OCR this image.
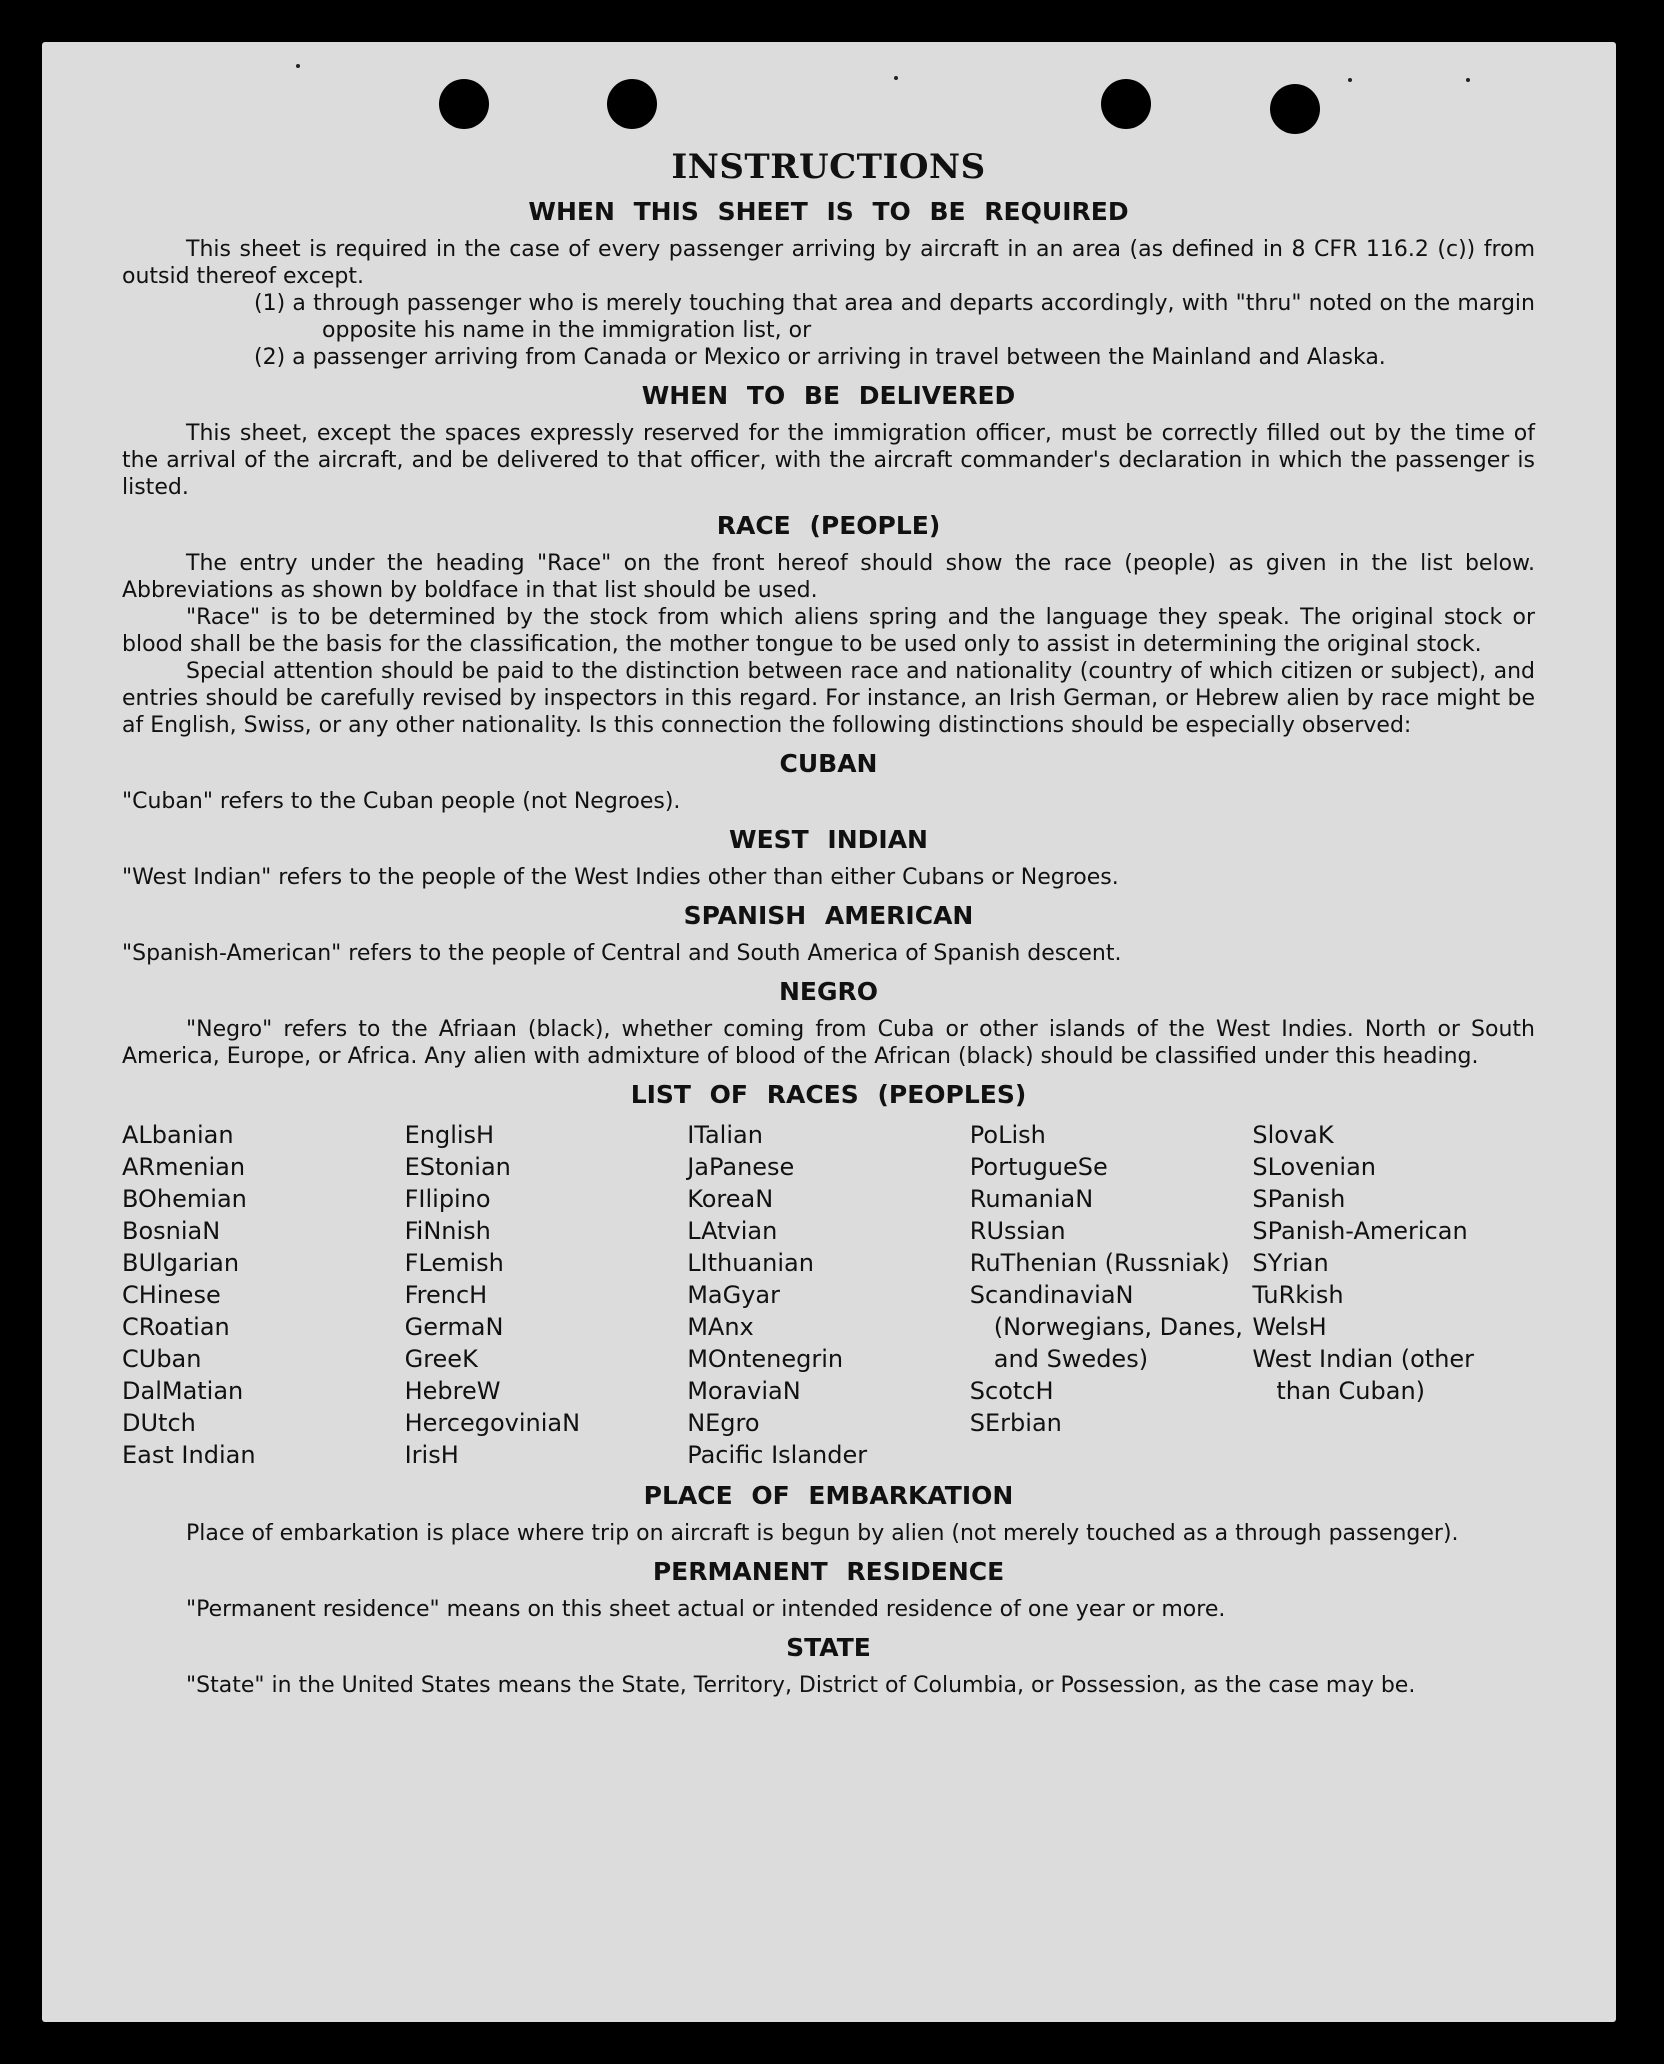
INSTRUCTIONS
WHEN THIS SHEET IS TO BE REQUIRED

This sheet is required in the case of every passenger arriving by aircraft in an area (as defined in 8 CFR 116.2 (c)) from outsid thereof except.

(1) a through passenger who is merely touching that area and departs accordingly, with "thru" noted on the margin opposite his name in the immigration list, or

(2) a passenger arriving from Canada or Mexico or arriving in travel between the Mainland and Alaska.

WHEN TO BE DELIVERED

This sheet, except the spaces expressly reserved for the immigration officer, must be correctly filled out by the time of the arrival of the aircraft, and be delivered to that officer, with the aircraft commander's declaration in which the passenger is listed.

RACE (PEOPLE)

The entry under the heading "Race" on the front hereof should show the race (people) as given in the list below. Abbreviations as shown by boldface in that list should be used.

"Race" is to be determined by the stock from which aliens spring and the language they speak. The original stock or blood shall be the basis for the classification, the mother tongue to be used only to assist in determining the original stock.

Special attention should be paid to the distinction between race and nationality (country of which citizen or subject), and entries should be carefully revised by inspectors in this regard. For instance, an Irish German, or Hebrew alien by race might be af English, Swiss, or any other nationality. Is this connection the following distinctions should be especially observed:

CUBAN

"Cuban" refers to the Cuban people (not Negroes).

WEST INDIAN

"West Indian" refers to the people of the West Indies other than either Cubans or Negroes.

SPANISH AMERICAN

"Spanish-American" refers to the people of Central and South America of Spanish descent.

NEGRO

"Negro" refers to the Afriaan (black), whether coming from Cuba or other islands of the West Indies. North or South America, Europe, or Africa. Any alien with admixture of blood of the African (black) should be classified under this heading.

LIST OF RACES (PEOPLES)
ALbanian
ARmenian
BOhemian
BosniaN
BUlgarian
CHinese
CRoatian
CUban
DalMatian
DUtch
East Indian
EnglisH
EStonian
FIlipino
FiNnish
FLemish
FrencH
GermaN
GreeK
HebreW
HercegoviniaN
IrisH
ITalian
JaPanese
KoreaN
LAtvian
LIthuanian
MaGyar
MAnx
MOntenegrin
MoraviaN
NEgro
Pacific Islander
PoLish
PortugueSe
RumaniaN
RUssian
RuThenian (Russniak)
ScandinaviaN (Norwegians, Danes, and Swedes)
ScotcH
SErbian
SlovaK
SLovenian
SPanish
SPanish-American
SYrian
TuRkish
WelsH
West Indian (other than Cuban)
PLACE OF EMBARKATION

Place of embarkation is place where trip on aircraft is begun by alien (not merely touched as a through passenger).

PERMANENT RESIDENCE

"Permanent residence" means on this sheet actual or intended residence of one year or more.

STATE

"State" in the United States means the State, Territory, District of Columbia, or Possession, as the case may be.
